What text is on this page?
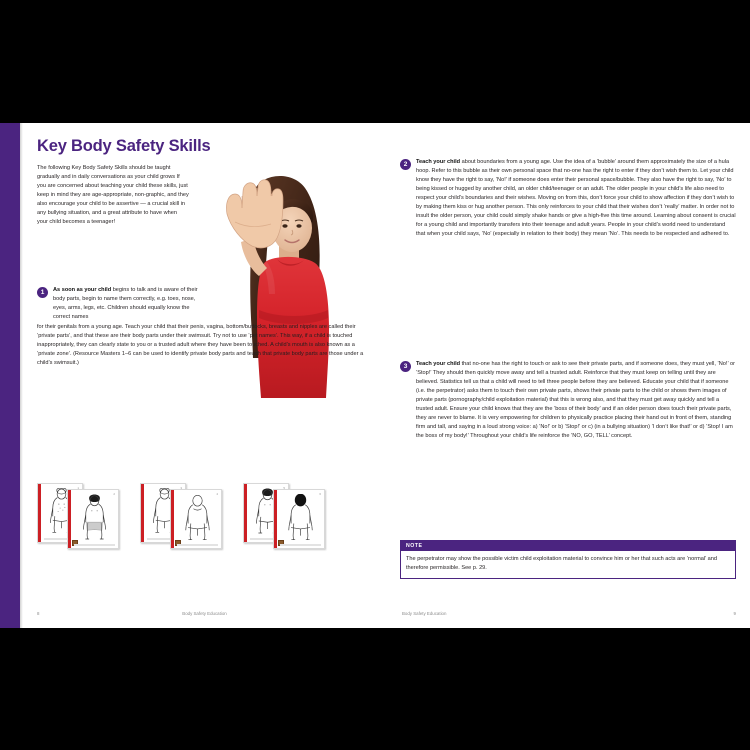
Key Body Safety Skills
The following Key Body Safety Skills should be taught gradually and in daily conversations as your child grows If you are concerned about teaching your child these skills, just keep in mind they are age-appropriate, non-graphic, and they also encourage your child to be assertive — a crucial skill in any bullying situation, and a great attribute to have when your child becomes a teenager!
1	As soon as your child begins to talk and is aware of their body parts, begin to name them correctly, e.g. toes, nose, eyes, arms, legs, etc. Children should equally know the correct names
for their genitals from a young age. Teach your child that their penis, vagina, bottom/buttocks, breasts and nipples are called their ‘private parts’, and that these are their body parts under their swimsuit. Try not to use ‘pet names’. This way, if a child is touched inappropriately, they can clearly state to you or a trusted adult where they have been touched. A child’s mouth is also known as a ‘private zone’. (Resource Masters 1–6 can be used to identify private body parts and teach that private body parts are those under a child’s swimsuit.)
1
2
3
4
5
6
8	Body Safety Education
2	Teach your child about boundaries from a young age. Use the idea of a ‘bubble’ around them approximately the size of a hula hoop. Refer to this bubble as their own personal space that no-one has the right to enter if they don’t wish them to. Let your child know they have the right to say, ‘No!’ if someone does enter their personal space/bubble. They also have the right to say, ‘No’ to being kissed or hugged by another child, an older child/teenager or an adult. The older people in your child’s life also need to respect your child’s boundaries and their wishes. Moving on from this, don’t force your child to show affection if they don’t wish to by making them kiss or hug another person. This only reinforces to your child that their wishes don’t ‘really’ matter. In order not to insult the older person, your child could simply shake hands or give a high-five this time around. Learning about consent is crucial for a young child and importantly transfers into their teenage and adult years. People in your child’s world need to understand that when your child says, ‘No’ (especially in relation to their body) they mean ‘No’. This needs to be respected and adhered to.
3	Teach your child that no-one has the right to touch or ask to see their private parts, and if someone does, they must yell, ‘No!’ or ‘Stop!’ They should then quickly move away and tell a trusted adult. Reinforce that they must keep on telling until they are believed. Statistics tell us that a child will need to tell three people before they are believed. Educate your child that if someone (i.e. the perpetrator) asks them to touch their own private parts, shows their private parts to the child or shows them images of private parts (pornography/child exploitation material) that this is wrong also, and that they must get away quickly and tell a trusted adult. Ensure your child knows that they are the ‘boss of their body’ and if an older person does touch their private parts, they are never to blame. It is very empowering for children to physically practice placing their hand out in front of them, standing firm and tall, and saying in a loud strong voice: a) ‘No!’ or b) ‘Stop!’ or c) (in a bullying situation) ‘I don’t like that!’ or d) ‘Stop! I am the boss of my body!’ Throughout your child’s life reinforce the ‘NO, GO, TELL’ concept.
NOTE
The perpetrator may show the possible victim child exploitation material to convince him or her that such acts are ‘normal’ and therefore permissible. See p. 29.
Body Safety Education	9
